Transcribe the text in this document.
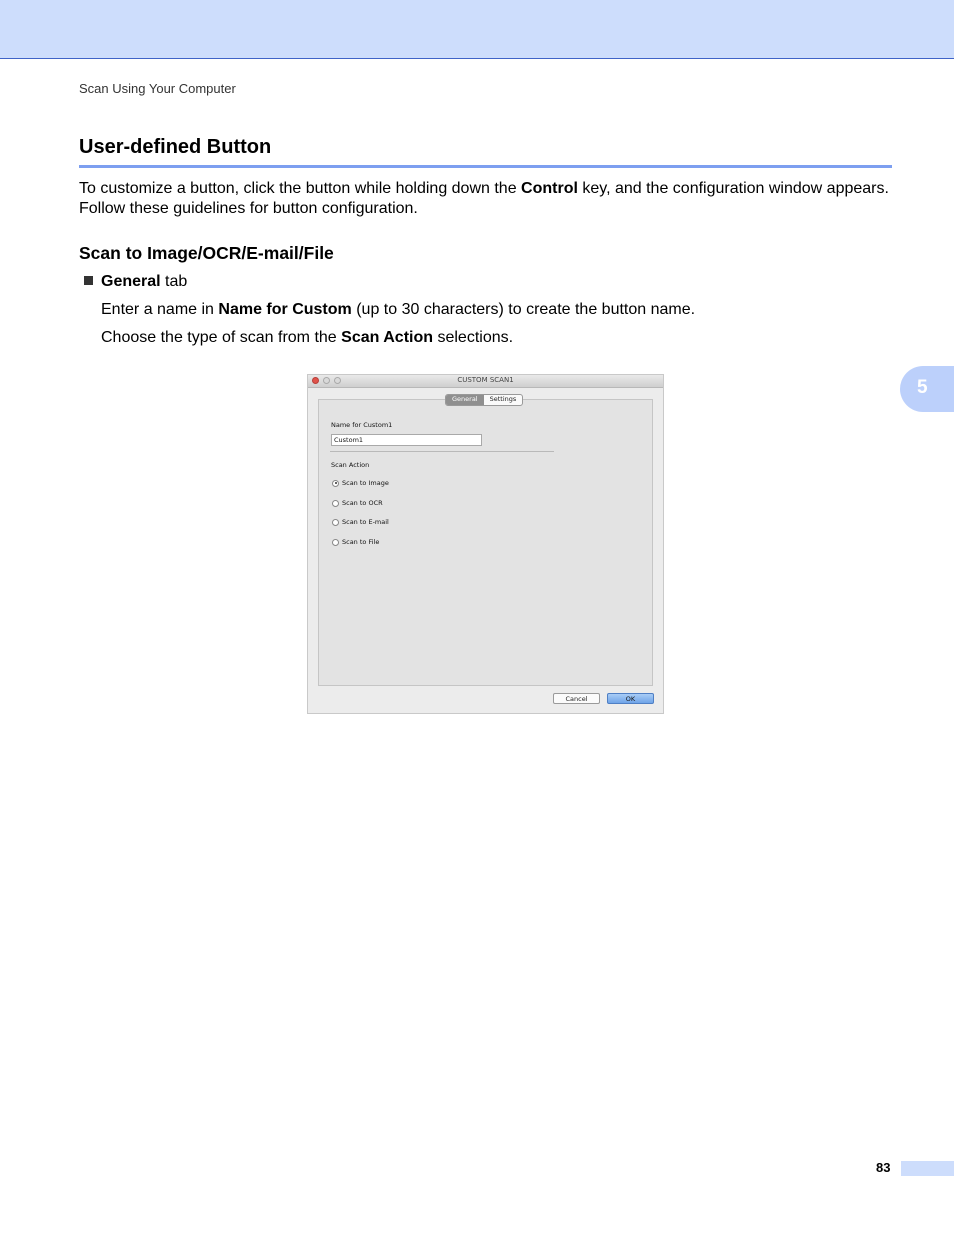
Scan Using Your Computer
User-defined Button
To customize a button, click the button while holding down the Control key, and the configuration window appears. Follow these guidelines for button configuration.
Scan to Image/OCR/E-mail/File
General tab
Enter a name in Name for Custom (up to 30 characters) to create the button name.
Choose the type of scan from the Scan Action selections.
CUSTOM SCAN1
General	Settings
Name for Custom1
Custom1
Scan Action
Scan to Image
Scan to OCR
Scan to E-mail
Scan to File
Cancel	OK
5
83
